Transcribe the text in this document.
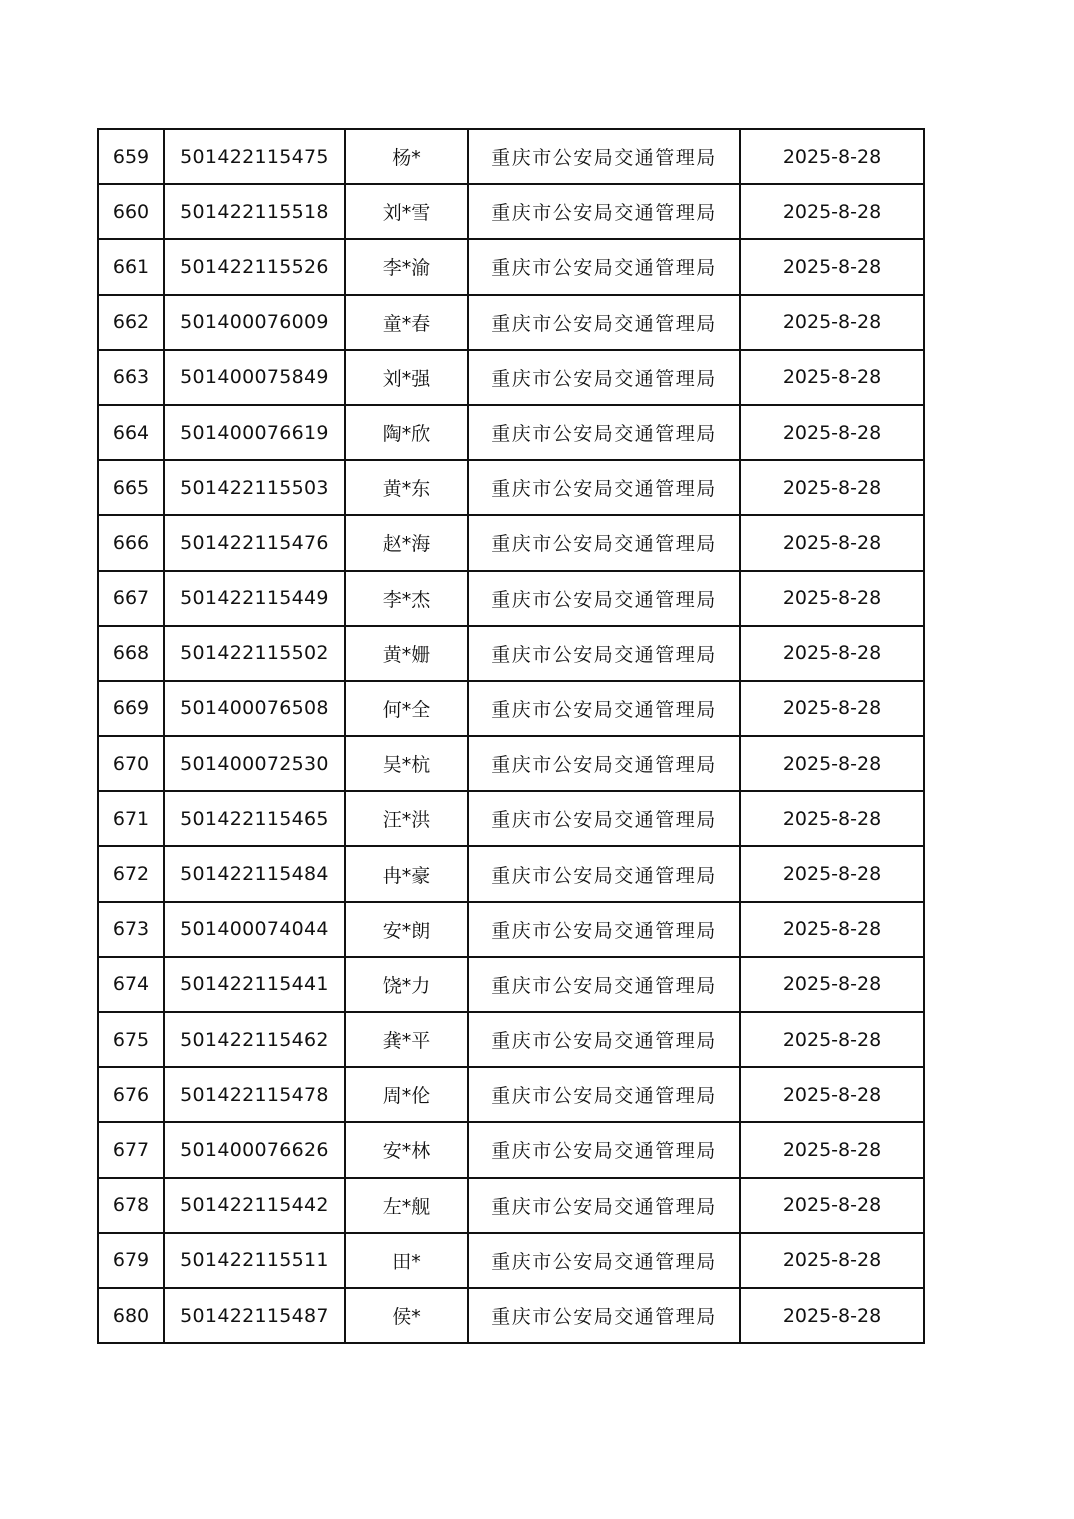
659	501422115475	杨*	重庆市公安局交通管理局	2025-8-28
660	501422115518	刘*雪	重庆市公安局交通管理局	2025-8-28
661	501422115526	李*渝	重庆市公安局交通管理局	2025-8-28
662	501400076009	童*春	重庆市公安局交通管理局	2025-8-28
663	501400075849	刘*强	重庆市公安局交通管理局	2025-8-28
664	501400076619	陶*欣	重庆市公安局交通管理局	2025-8-28
665	501422115503	黄*东	重庆市公安局交通管理局	2025-8-28
666	501422115476	赵*海	重庆市公安局交通管理局	2025-8-28
667	501422115449	李*杰	重庆市公安局交通管理局	2025-8-28
668	501422115502	黄*姗	重庆市公安局交通管理局	2025-8-28
669	501400076508	何*全	重庆市公安局交通管理局	2025-8-28
670	501400072530	吴*杭	重庆市公安局交通管理局	2025-8-28
671	501422115465	汪*洪	重庆市公安局交通管理局	2025-8-28
672	501422115484	冉*豪	重庆市公安局交通管理局	2025-8-28
673	501400074044	安*朗	重庆市公安局交通管理局	2025-8-28
674	501422115441	饶*力	重庆市公安局交通管理局	2025-8-28
675	501422115462	龚*平	重庆市公安局交通管理局	2025-8-28
676	501422115478	周*伦	重庆市公安局交通管理局	2025-8-28
677	501400076626	安*林	重庆市公安局交通管理局	2025-8-28
678	501422115442	左*舰	重庆市公安局交通管理局	2025-8-28
679	501422115511	田*	重庆市公安局交通管理局	2025-8-28
680	501422115487	侯*	重庆市公安局交通管理局	2025-8-28
